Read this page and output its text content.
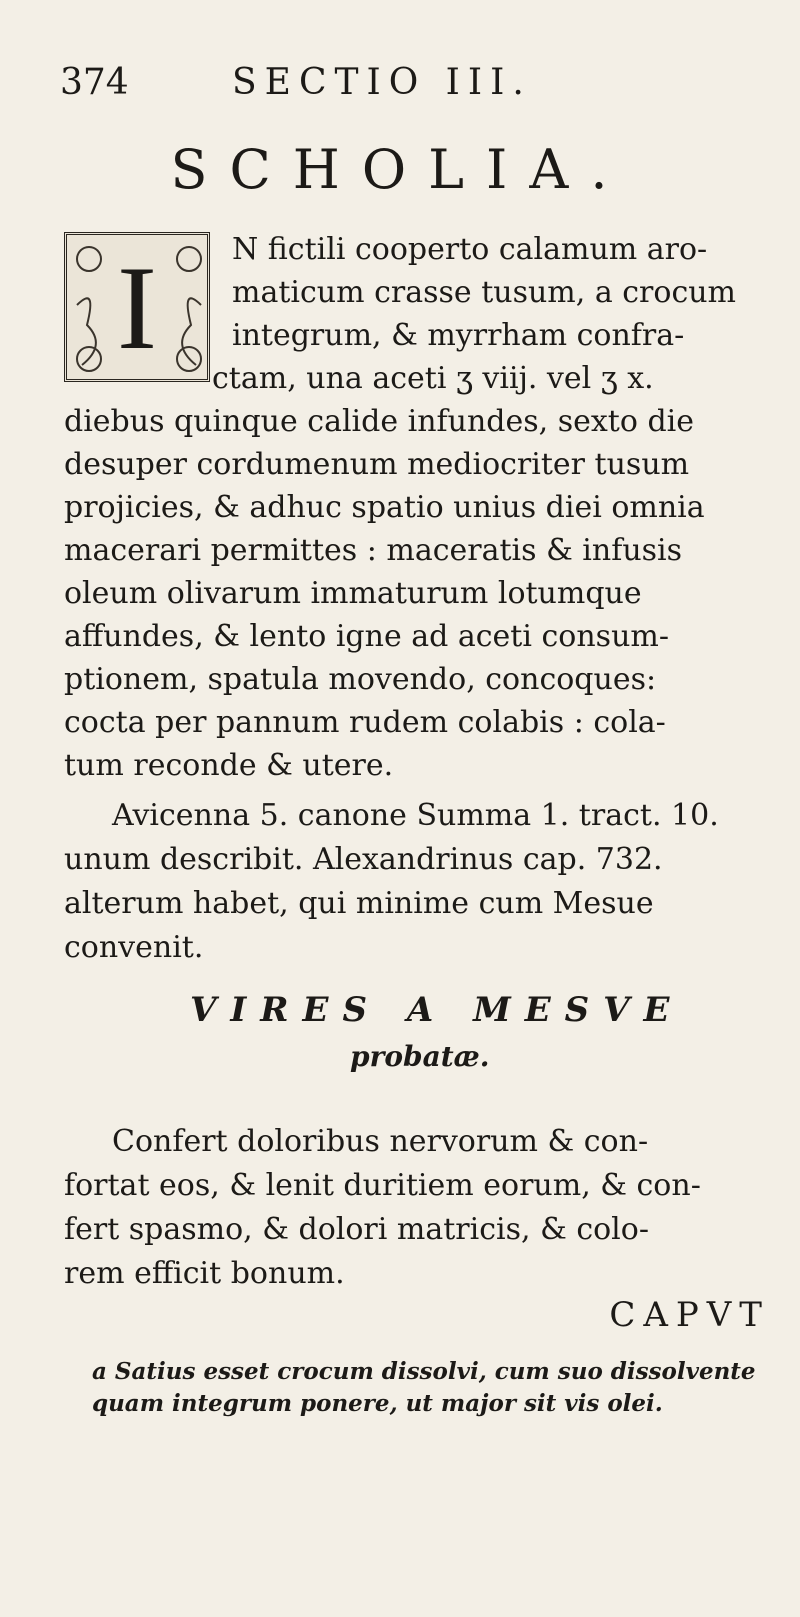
374	SECTIO III.
SCHOLIA.
I	N fictili cooperto calamum aro-
maticum crasse tusum, a crocum
integrum, & myrrham confra-
ctam, una aceti ʒ viij. vel ʒ x.
diebus quinque calide infundes, sexto die
desuper cordumenum mediocriter tusum
projicies, & adhuc spatio unius diei omnia
macerari permittes : maceratis & infusis
oleum olivarum immaturum lotumque
affundes, & lento igne ad aceti consum-
ptionem, spatula movendo, concoques:
cocta per pannum rudem colabis : cola-
tum reconde & utere.
Avicenna 5. canone Summa 1. tract. 10.
unum describit. Alexandrinus cap. 732.
alterum habet, qui minime cum Mesue
convenit.
VIRES A MESVE
probatæ.
Confert doloribus nervorum & con-
fortat eos, & lenit duritiem eorum, & con-
fert spasmo, & dolori matricis, & colo-
rem efficit bonum.
CAPVT
a Satius esset crocum dissolvi, cum suo dissolvente
quam integrum ponere, ut major sit vis olei.
